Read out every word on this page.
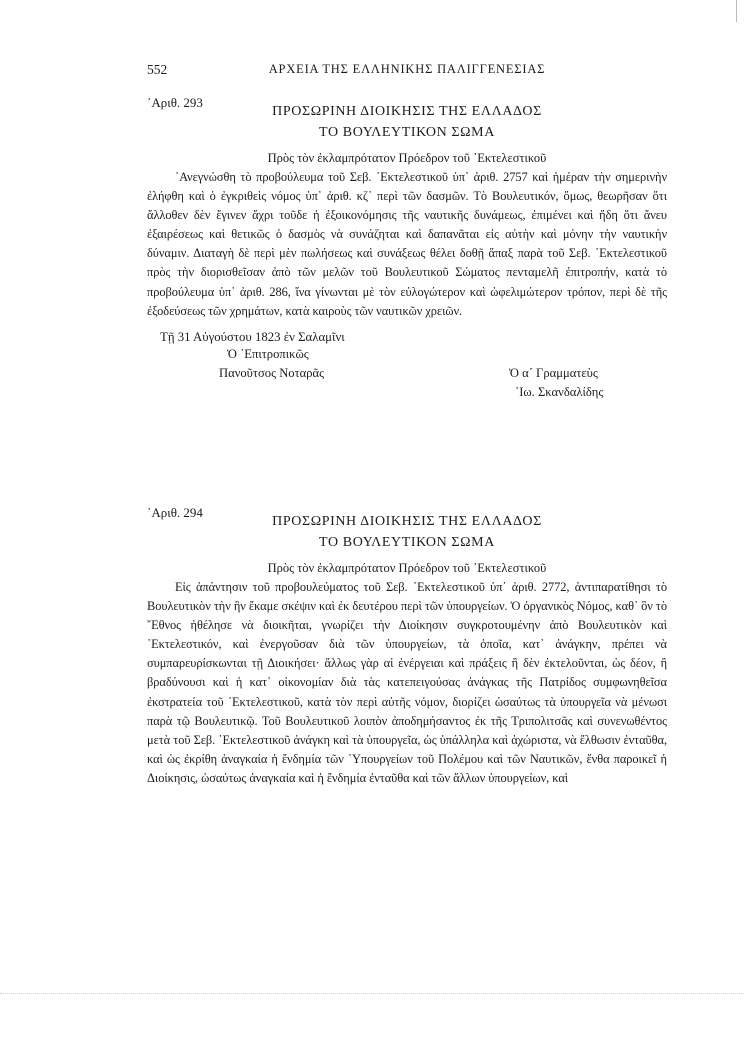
552	ΑΡΧΕΙΑ ΤΗΣ ΕΛΛΗΝΙΚΗΣ ΠΑΛΙΓΓΕΝΕΣΙΑΣ
᾿Αριθ. 293
ΠΡΟΣΩΡΙΝΗ ΔΙΟΙΚΗΣΙΣ ΤΗΣ ΕΛΛΑΔΟΣ
ΤΟ ΒΟΥΛΕΥΤΙΚΟΝ ΣΩΜΑ
Πρὸς τὸν ἐκλαμπρότατον Πρόεδρον τοῦ ᾿Εκτελεστικοῦ

᾿Ανεγνώσθη τὸ προβούλευμα τοῦ Σεβ. ᾿Εκτελεστικοῦ ὑπ᾿ ἀριθ. 2757 καὶ ἡμέραν τὴν σημερινὴν ἐλήφθη καὶ ὁ ἐγκριθεὶς νόμος ὑπ᾿ ἀριθ. κζ᾿ περὶ τῶν δασμῶν. Τὸ Βουλευτικόν, ὅμως, θεωρῆσαν ὅτι ἄλλοθεν δὲν ἔγινεν ἄχρι τοῦδε ἡ ἐξοικονόμησις τῆς ναυτικῆς δυνάμεως, ἐπιμένει καὶ ἤδη ὅτι ἄνευ ἐξαιρέσεως καὶ θετικῶς ὁ δασμὸς νὰ συνάζηται καὶ δαπανᾶται εἰς αὐτὴν καὶ μόνην τὴν ναυτικὴν δύναμιν. Διαταγὴ δὲ περὶ μὲν πωλήσεως καὶ συνάξεως θέλει δοθῇ ἅπαξ παρὰ τοῦ Σεβ. ᾿Εκτελεστικοῦ πρὸς τὴν διορισθεῖσαν ἀπὸ τῶν μελῶν τοῦ Βουλευτικοῦ Σώματος πενταμελῆ ἐπιτροπήν, κατὰ τὸ προβούλευμα ὑπ᾿ ἀριθ. 286, ἵνα γίνωνται μὲ τὸν εὐλογώτερον καὶ ὠφελιμώτερον τρόπον, περὶ δὲ τῆς ἐξοδεύσεως τῶν χρημάτων, κατὰ καιροὺς τῶν ναυτικῶν χρειῶν.

Τῇ 31 Αὐγούστου 1823 ἐν Σαλαμῖνι
Ὁ ᾿Επιτροπικῶς
Πανοῦτσος Νοταρᾶς	Ὁ α´ Γραμματεὺς
᾿Ιω. Σκανδαλίδης
᾿Αριθ. 294
ΠΡΟΣΩΡΙΝΗ ΔΙΟΙΚΗΣΙΣ ΤΗΣ ΕΛΛΑΔΟΣ
ΤΟ ΒΟΥΛΕΥΤΙΚΟΝ ΣΩΜΑ
Πρὸς τὸν ἐκλαμπρότατον Πρόεδρον τοῦ ᾿Εκτελεστικοῦ

Εἰς ἀπάντησιν τοῦ προβουλεύματος τοῦ Σεβ. ᾿Εκτελεστικοῦ ὑπ᾿ ἀριθ. 2772, ἀντιπαρατίθησι τὸ Βουλευτικὸν τὴν ἣν ἔκαμε σκέψιν καὶ ἐκ δευτέρου περὶ τῶν ὑπουργείων. Ὁ ὀργανικὸς Νόμος, καθ᾿ ὃν τὸ ῎Εθνος ἠθέλησε νὰ διοικῆται, γνωρίζει τὴν Διοίκησιν συγκροτουμένην ἀπὸ Βουλευτικὸν καὶ ᾿Εκτελεστικόν, καὶ ἐνεργοῦσαν διὰ τῶν ὑπουργείων, τὰ ὁποῖα, κατ᾿ ἀνάγκην, πρέπει νὰ συμπαρευρίσκωνται τῇ Διοικήσει· ἄλλως γὰρ αἱ ἐνέργειαι καὶ πράξεις ἢ δὲν ἐκτελοῦνται, ὡς δέον, ἢ βραδύνουσι καὶ ἡ κατ᾿ οἰκονομίαν διὰ τὰς κατεπειγούσας ἀνάγκας τῆς Πατρίδος συμφωνηθεῖσα ἐκστρατεία τοῦ ᾿Εκτελεστικοῦ, κατὰ τὸν περὶ αὐτῆς νόμον, διορίζει ὡσαύτως τὰ ὑπουργεῖα νὰ μένωσι παρὰ τῷ Βουλευτικῷ. Τοῦ Βουλευτικοῦ λοιπὸν ἀποδημήσαντος ἐκ τῆς Τριπολιτσᾶς καὶ συνενωθέντος μετὰ τοῦ Σεβ. ᾿Εκτελεστικοῦ ἀνάγκη καὶ τὰ ὑπουργεῖα, ὡς ὑπάλληλα καὶ ἀχώριστα, νὰ ἔλθωσιν ἐνταῦθα, καὶ ὡς ἐκρίθη ἀναγκαία ἡ ἔνδημία τῶν ῾Υπουργείων τοῦ Πολέμου καὶ τῶν Ναυτικῶν, ἔνθα παροικεῖ ἡ Διοίκησις, ὡσαύτως ἀναγκαία καὶ ἡ ἔνδημία ἐνταῦθα καὶ τῶν ἄλλων ὑπουργείων, καὶ
